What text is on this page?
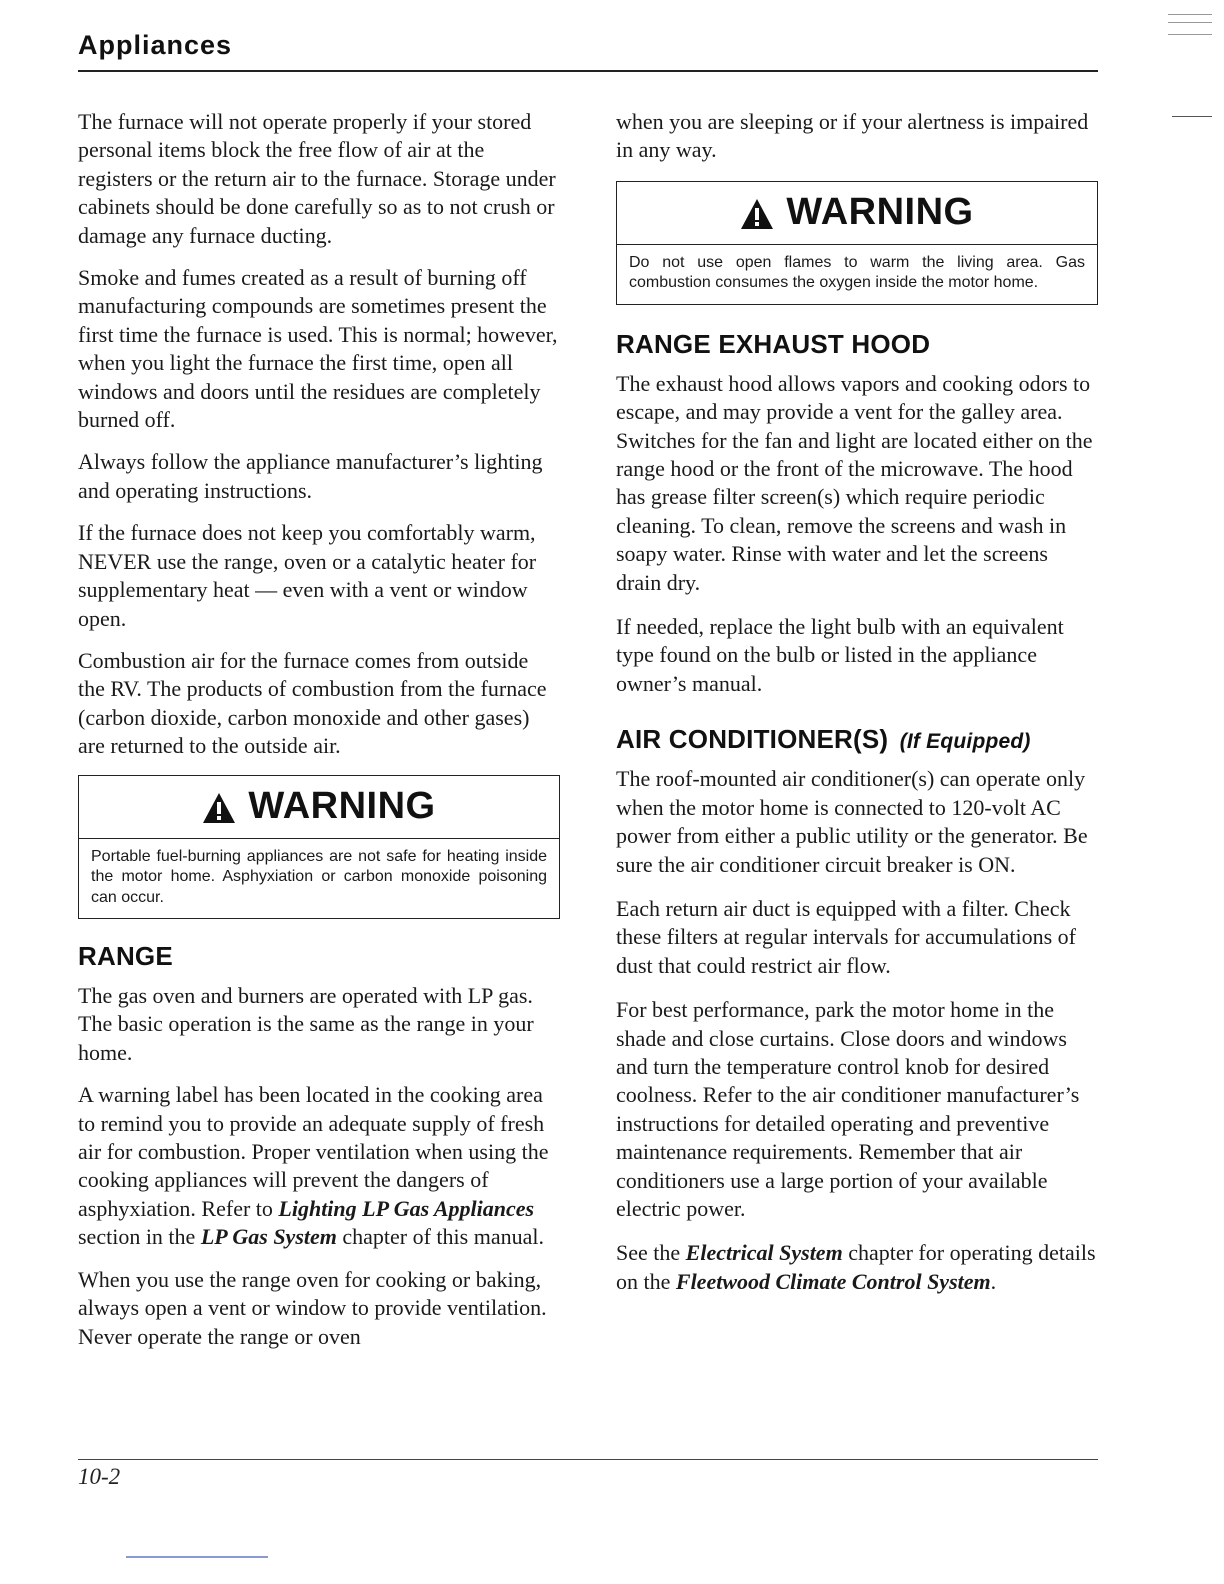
Appliances

The furnace will not operate properly if your stored personal items block the free flow of air at the registers or the return air to the furnace. Storage under cabinets should be done carefully so as to not crush or damage any furnace ducting.

Smoke and fumes created as a result of burning off manufacturing compounds are sometimes present the first time the furnace is used. This is normal; however, when you light the furnace the first time, open all windows and doors until the residues are completely burned off.

Always follow the appliance manufacturer’s lighting and operating instructions.

If the furnace does not keep you comfortably warm, NEVER use the range, oven or a catalytic heater for supplementary heat — even with a vent or window open.

Combustion air for the furnace comes from outside the RV. The products of combustion from the furnace (carbon dioxide, carbon monoxide and other gases) are returned to the outside air.

WARNING
Portable fuel-burning appliances are not safe for heating inside the motor home. Asphyxiation or carbon monoxide poisoning can occur.
RANGE

The gas oven and burners are operated with LP gas. The basic operation is the same as the range in your home.

A warning label has been located in the cooking area to remind you to provide an adequate supply of fresh air for combustion. Proper ventilation when using the cooking appliances will prevent the dangers of asphyxiation. Refer to Lighting LP Gas Appliances section in the LP Gas System chapter of this manual.

When you use the range oven for cooking or baking, always open a vent or window to provide ventilation. Never operate the range or oven

when you are sleeping or if your alertness is impaired in any way.

WARNING
Do not use open flames to warm the living area. Gas combustion consumes the oxygen inside the motor home.
RANGE EXHAUST HOOD

The exhaust hood allows vapors and cooking odors to escape, and may provide a vent for the galley area. Switches for the fan and light are located either on the range hood or the front of the microwave. The hood has grease filter screen(s) which require periodic cleaning. To clean, remove the screens and wash in soapy water. Rinse with water and let the screens drain dry.

If needed, replace the light bulb with an equivalent type found on the bulb or listed in the appliance owner’s manual.

AIR CONDITIONER(S) (If Equipped)

The roof-mounted air conditioner(s) can operate only when the motor home is connected to 120-volt AC power from either a public utility or the generator. Be sure the air conditioner circuit breaker is ON.

Each return air duct is equipped with a filter. Check these filters at regular intervals for accumulations of dust that could restrict air flow.

For best performance, park the motor home in the shade and close curtains. Close doors and windows and turn the temperature control knob for desired coolness. Refer to the air conditioner manufacturer’s instructions for detailed operating and preventive maintenance requirements. Remember that air conditioners use a large portion of your available electric power.

See the Electrical System chapter for operating details on the Fleetwood Climate Control System.

10-2
